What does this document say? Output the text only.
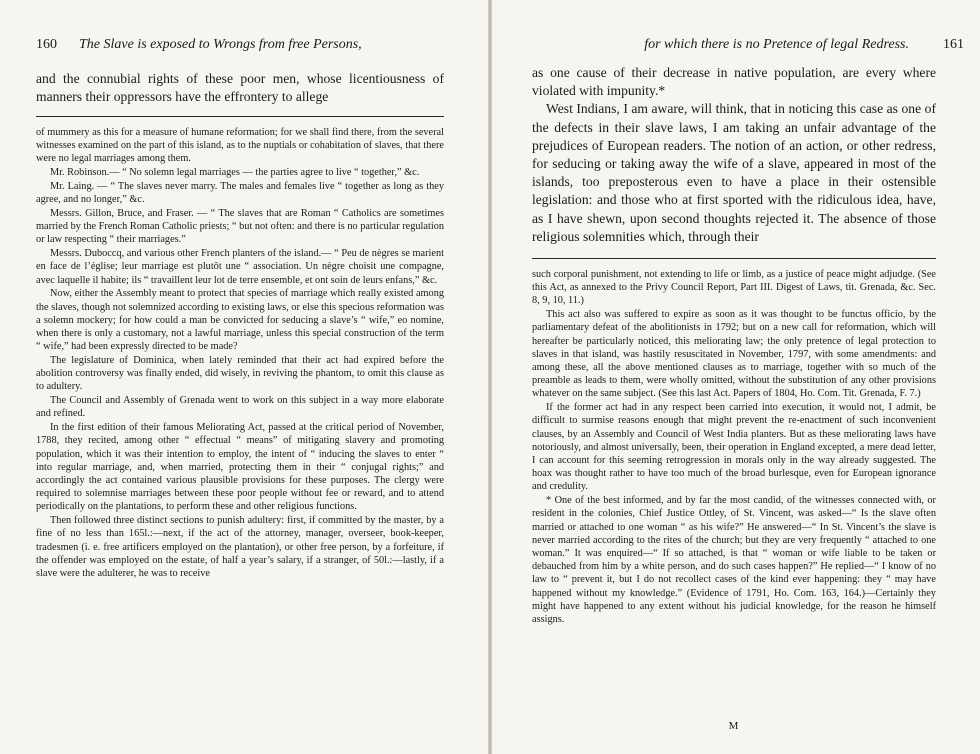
160 The Slave is exposed to Wrongs from free Persons,

and the connubial rights of these poor men, whose licentiousness of manners their oppressors have the effrontery to allege

of mummery as this for a measure of humane reformation; for we shall find there, from the several witnesses examined on the part of this island, as to the nuptials or cohabitation of slaves, that there were no legal marriages among them.

Mr. Robinson.— “ No solemn legal marriages — the parties agree to live “ together,” &c.

Mr. Laing. — “ The slaves never marry. The males and females live “ together as long as they agree, and no longer,” &c.

Messrs. Gillon, Bruce, and Fraser. — “ The slaves that are Roman “ Catholics are sometimes married by the French Roman Catholic priests; “ but not often: and there is no particular regulation or law respecting “ their marriages.”

Messrs. Duboccq, and various other French planters of the island.— “ Peu de nègres se marient en face de l’église; leur marriage est plutôt une “ association. Un nègre choisit une compagne, avec laquelle il habite; ils “ travaillent leur lot de terre ensemble, et ont soin de leurs enfans,” &c.

Now, either the Assembly meant to protect that species of marriage which really existed among the slaves, though not solemnized according to existing laws, or else this specious reformation was a solemn mockery; for how could a man be convicted for seducing a slave’s “ wife,” eo nomine, when there is only a customary, not a lawful marriage, unless this special construction of the term “ wife,” had been expressly directed to be made?

The legislature of Dominica, when lately reminded that their act had expired before the abolition controversy was finally ended, did wisely, in reviving the phantom, to omit this clause as to adultery.

The Council and Assembly of Grenada went to work on this subject in a way more elaborate and refined.

In the first edition of their famous Meliorating Act, passed at the critical period of November, 1788, they recited, among other “ effectual “ means” of mitigating slavery and promoting population, which it was their intention to employ, the intent of “ inducing the slaves to enter “ into regular marriage, and, when married, protecting them in their “ conjugal rights;” and accordingly the act contained various plausible provisions for these purposes. The clergy were required to solemnise marriages between these poor people without fee or reward, and to attend periodically on the plantations, to perform these and other religious functions.

Then followed three distinct sections to punish adultery: first, if committed by the master, by a fine of no less than 165l.:—next, if the act of the attorney, manager, overseer, book-keeper, tradesmen (i. e. free artificers employed on the plantation), or other free person, by a forfeiture, if the offender was employed on the estate, of half a year’s salary, if a stranger, of 50l.:—lastly, if a slave were the adulterer, he was to receive

for which there is no Pretence of legal Redress. 161

as one cause of their decrease in native population, are every where violated with impunity.*

West Indians, I am aware, will think, that in noticing this case as one of the defects in their slave laws, I am taking an unfair advantage of the prejudices of European readers. The notion of an action, or other redress, for seducing or taking away the wife of a slave, appeared in most of the islands, too preposterous even to have a place in their ostensible legislation: and those who at first sported with the ridiculous idea, have, as I have shewn, upon second thoughts rejected it. The absence of those religious solemnities which, through their

such corporal punishment, not extending to life or limb, as a justice of peace might adjudge. (See this Act, as annexed to the Privy Council Report, Part III. Digest of Laws, tit. Grenada, &c. Sec. 8, 9, 10, 11.)

This act also was suffered to expire as soon as it was thought to be functus officio, by the parliamentary defeat of the abolitionists in 1792; but on a new call for reformation, which will hereafter be particularly noticed, this meliorating law; the only pretence of legal protection to slaves in that island, was hastily resuscitated in November, 1797, with some amendments: and among these, all the above mentioned clauses as to marriage, together with so much of the preamble as leads to them, were wholly omitted, without the substitution of any other provisions whatever on the same subject. (See this last Act. Papers of 1804, Ho. Com. Tit. Grenada, F. 7.)

If the former act had in any respect been carried into execution, it would not, I admit, be difficult to surmise reasons enough that might prevent the re-enactment of such inconvenient clauses, by an Assembly and Council of West India planters. But as these meliorating laws have notoriously, and almost universally, been, their operation in England excepted, a mere dead letter, I can account for this seeming retrogression in morals only in the way already suggested. The hoax was thought rather to have too much of the broad burlesque, even for European ignorance and credulity.

* One of the best informed, and by far the most candid, of the witnesses connected with, or resident in the colonies, Chief Justice Ottley, of St. Vincent, was asked—“ Is the slave often married or attached to one woman “ as his wife?” He answered—“ In St. Vincent’s the slave is never married according to the rites of the church; but they are very frequently “ attached to one woman.” It was enquired—“ If so attached, is that “ woman or wife liable to be taken or debauched from him by a white person, and do such cases happen?” He replied—“ I know of no law to “ prevent it, but I do not recollect cases of the kind ever happening: they “ may have happened without my knowledge.” (Evidence of 1791, Ho. Com. 163, 164.)—Certainly they might have happened to any extent without his judicial knowledge, for the reason he himself assigns.

M
